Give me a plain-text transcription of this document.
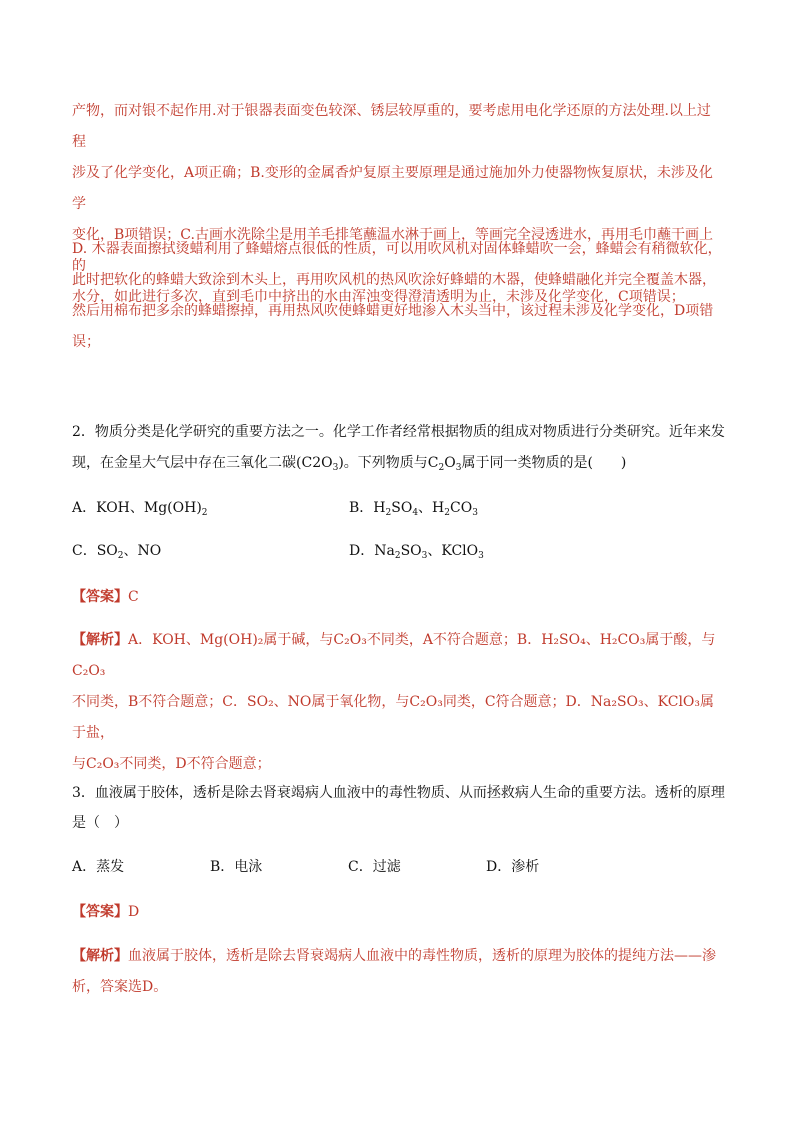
产物，而对银不起作用.对于银器表面变色较深、锈层较厚重的，要考虑用电化学还原的方法处理.以上过程
涉及了化学变化，A项正确；B.变形的金属香炉复原主要原理是通过施加外力使器物恢复原状，未涉及化学
变化，B项错误；C.古画水洗除尘是用羊毛排笔蘸温水淋于画上，等画完全浸透进水，再用毛巾蘸干画上的
水分，如此进行多次，直到毛巾中挤出的水由浑浊变得澄清透明为止，未涉及化学变化，C项错误；
D. 木器表面擦拭烫蜡利用了蜂蜡熔点很低的性质，可以用吹风机对固体蜂蜡吹一会，蜂蜡会有稍微软化，
此时把软化的蜂蜡大致涂到木头上，再用吹风机的热风吹涂好蜂蜡的木器，使蜂蜡融化并完全覆盖木器，
然后用棉布把多余的蜂蜡擦掉，再用热风吹使蜂蜡更好地渗入木头当中，该过程未涉及化学变化，D项错
误；
2．物质分类是化学研究的重要方法之一。化学工作者经常根据物质的组成对物质进行分类研究。近年来发
现，在金星大气层中存在三氧化二碳$(C2O_3)$。下列物质与$C_2O_3$属于同一类物质的是(　　)
A．KOH、$Mg(OH)_2$	B．$H_2SO_4$、$H_2CO_3$
C．$SO_2$、NO	D．$Na_2SO_3$、KClO$_3$
【答案】C
【解析】A．KOH、Mg(OH)₂属于碱，与C₂O₃不同类，A不符合题意；B．H₂SO₄、H₂CO₃属于酸，与C₂O₃
不同类，B不符合题意；C．SO₂、NO属于氧化物，与C₂O₃同类，C符合题意；D．Na₂SO₃、KClO₃属于盐，
与C₂O₃不同类，D不符合题意；
3．血液属于胶体，透析是除去肾衰竭病人血液中的毒性物质、从而拯救病人生命的重要方法。透析的原理
是（　）
A．蒸发	B．电泳	C．过滤	D．渗析
【答案】D
【解析】血液属于胶体，透析是除去肾衰竭病人血液中的毒性物质，透析的原理为胶体的提纯方法——渗
析，答案选D。
